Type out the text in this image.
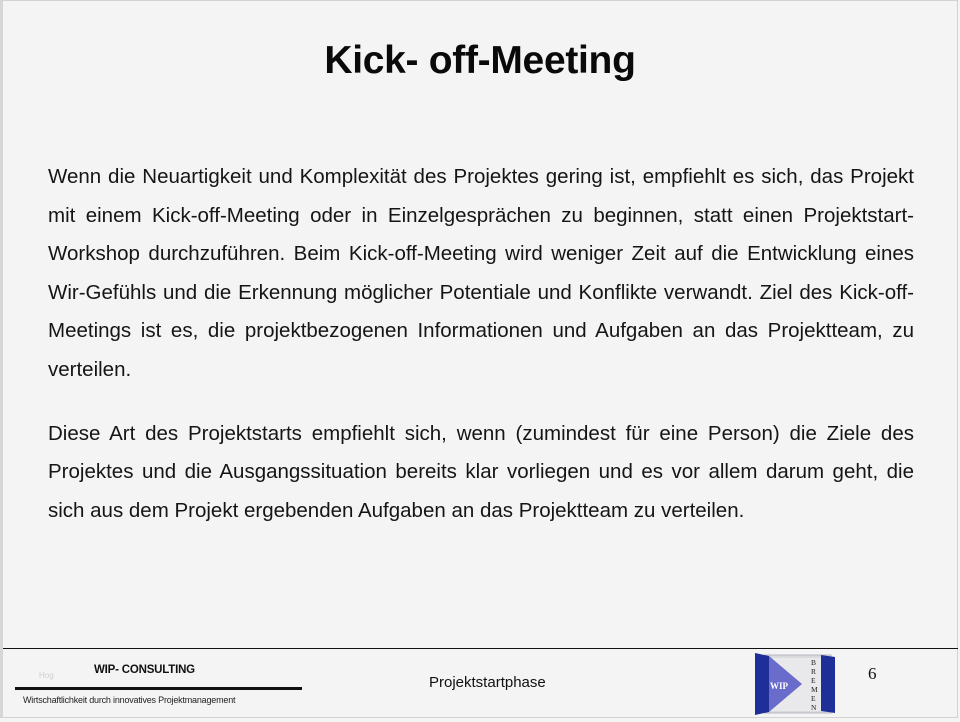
Kick- off-Meeting

Wenn die Neuartigkeit und Komplexität des Projektes gering ist, empfiehlt es sich, das Projekt mit einem Kick-off-Meeting oder in Einzelgesprächen zu beginnen, statt einen Projektstart-Workshop durchzuführen. Beim Kick-off-Meeting wird weniger Zeit auf die Entwicklung eines Wir-Gefühls und die Erkennung möglicher Potentiale und Konflikte verwandt. Ziel des Kick-off-Meetings ist es, die projektbezogenen Informationen und Aufgaben an das Projektteam, zu verteilen.

Diese Art des Projektstarts empfiehlt sich, wenn (zumindest für eine Person) die Ziele des Projektes und die Ausgangssituation bereits klar vorliegen und es vor allem darum geht, die sich aus dem Projekt ergebenden Aufgaben an das Projektteam zu verteilen.

Hog	WIP- CONSULTING
Wirtschaftlichkeit durch innovatives Projektmanagement
Projektstartphase	WIP
B
R
E
M
E
N
6
